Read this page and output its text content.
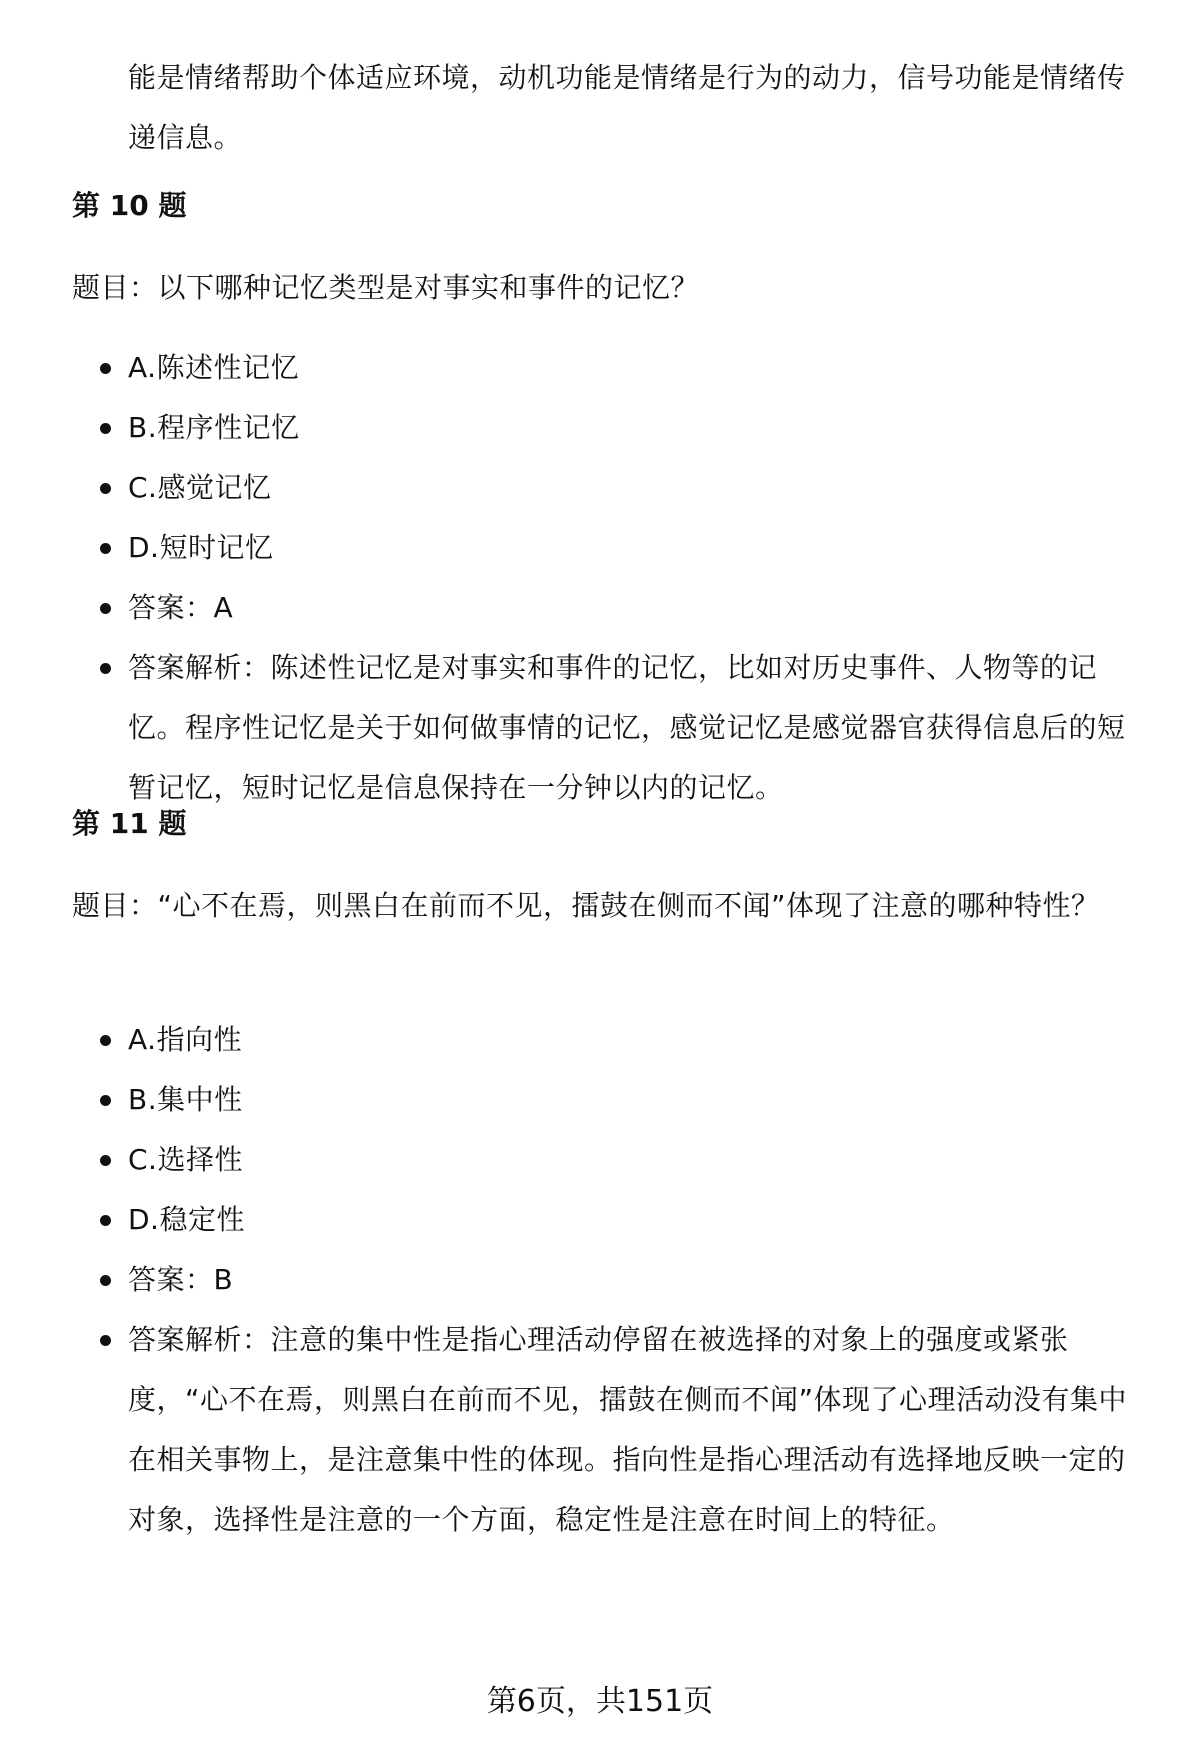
能是情绪帮助个体适应环境，动机功能是情绪是行为的动力，信号功能是情绪传递信息。
第 10 题
题目：以下哪种记忆类型是对事实和事件的记忆？
A.陈述性记忆
B.程序性记忆
C.感觉记忆
D.短时记忆
答案：A
答案解析：陈述性记忆是对事实和事件的记忆，比如对历史事件、人物等的记忆。程序性记忆是关于如何做事情的记忆，感觉记忆是感觉器官获得信息后的短暂记忆，短时记忆是信息保持在一分钟以内的记忆。
第 11 题
题目：“心不在焉，则黑白在前而不见，擂鼓在侧而不闻”体现了注意的哪种特性？
A.指向性
B.集中性
C.选择性
D.稳定性
答案：B
答案解析：注意的集中性是指心理活动停留在被选择的对象上的强度或紧张度，“心不在焉，则黑白在前而不见，擂鼓在侧而不闻”体现了心理活动没有集中在相关事物上，是注意集中性的体现。指向性是指心理活动有选择地反映一定的对象，选择性是注意的一个方面，稳定性是注意在时间上的特征。
第6页，共151页
